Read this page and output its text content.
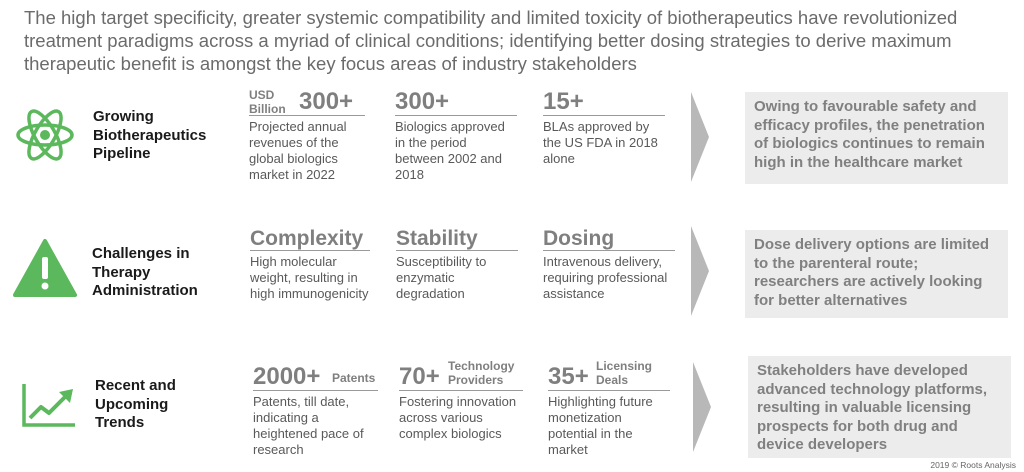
The high target specificity, greater systemic compatibility and limited toxicity of biotherapeutics have revolutionized treatment paradigms across a myriad of clinical conditions; identifying better dosing strategies to derive maximum therapeutic benefit is amongst the key focus areas of industry stakeholders

Growing Biotherapeutics Pipeline
USD Billion 300+
Projected annual revenues of the global biologics market in 2022
300+
Biologics approved in the period between 2002 and 2018
15+
BLAs approved by the US FDA in 2018 alone
Owing to favourable safety and efficacy profiles, the penetration of biologics continues to remain high in the healthcare market
Challenges in Therapy Administration
Complexity
High molecular weight, resulting in high immunogenicity
Stability
Susceptibility to enzymatic degradation
Dosing
Intravenous delivery, requiring professional assistance
Dose delivery options are limited to the parenteral route; researchers are actively looking for better alternatives
Recent and Upcoming Trends
2000+ Patents
Patents, till date, indicating a heightened pace of research
70+ Technology Providers
Fostering innovation across various complex biologics
35+ Licensing Deals
Highlighting future monetization potential in the market
Stakeholders have developed advanced technology platforms, resulting in valuable licensing prospects for both drug and device developers
2019 © Roots Analysis
